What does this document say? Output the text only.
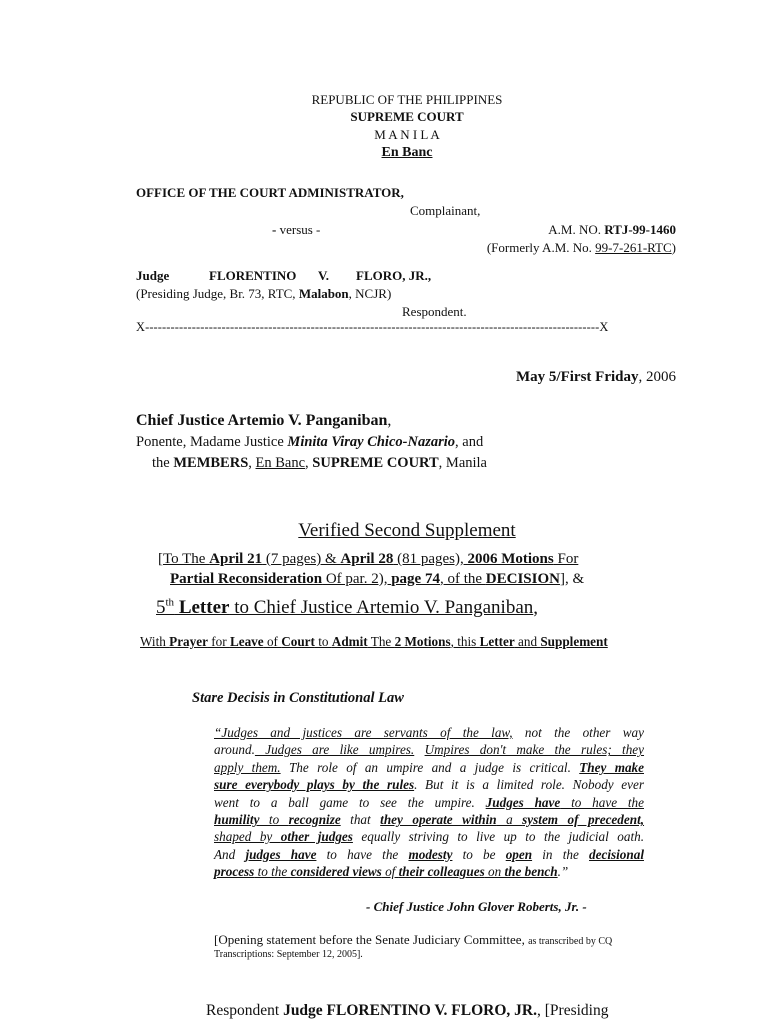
REPUBLIC OF THE PHILIPPINES
SUPREME COURT
M A N I L A
En Banc
OFFICE OF THE COURT ADMINISTRATOR,
Complainant,
- versus -	A.M. NO. RTJ-99-1460
(Formerly A.M. No. 99-7-261-RTC)
Judge	FLORENTINO V. FLORO, JR.,
(Presiding Judge, Br. 73, RTC, Malabon, NCJR)
Respondent.
X-----------------------------------------------------------------------------------------------------------X
May 5/First Friday, 2006
Chief Justice Artemio V. Panganiban,
Ponente, Madame Justice Minita Viray Chico-Nazario, and
the MEMBERS, En Banc, SUPREME COURT, Manila
Verified Second Supplement
[To The April 21 (7 pages) & April 28 (81 pages), 2006 Motions For
Partial Reconsideration Of par. 2), page 74, of the DECISION], &
5th Letter to Chief Justice Artemio V. Panganiban,
With Prayer for Leave of Court to Admit The 2 Motions, this Letter and Supplement
Stare Decisis in Constitutional Law
“Judges and justices are servants of the law, not the other way
around. Judges are like umpires. Umpires don't make the rules; they
apply them. The role of an umpire and a judge is critical. They make
sure everybody plays by the rules. But it is a limited role. Nobody ever
went to a ball game to see the umpire. Judges have to have the
humility to recognize that they operate within a system of precedent,
shaped by other judges equally striving to live up to the judicial oath.
And judges have to have the modesty to be open in the decisional
process to the considered views of their colleagues on the bench.”
- Chief Justice John Glover Roberts, Jr. -
[Opening statement before the Senate Judiciary Committee, as transcribed by CQ
Transcriptions: September 12, 2005].
Respondent Judge FLORENTINO V. FLORO, JR., [Presiding
